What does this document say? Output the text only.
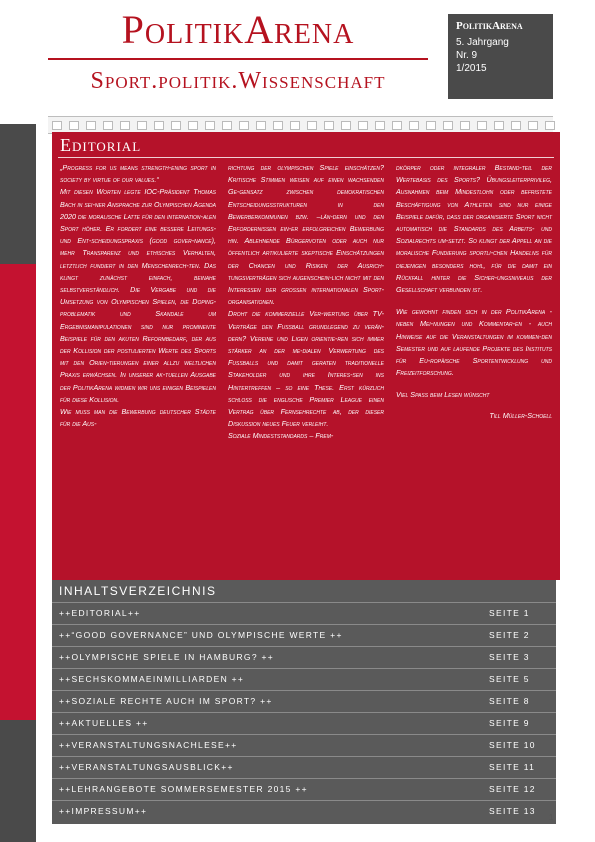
PolitikArena
Sport.politik.Wissenschaft
PolitikArena
5. Jahrgang
Nr. 9
1/2015
Editorial

„Progress for us means strength-ening sport in society by virtue of our values.“

Mit diesen Worten legte IOC-Präsident Thomas Bach in sei-ner Ansprache zur Olympischen Agenda 2020 die moralische Latte für den internation-alen Sport höher. Er fordert eine bessere Leitungs- und Ent-scheidungspraxis (good gover-nance), mehr Transparenz und ethisches Verhalten, letztlich fundiert in den Menschenrech-ten. Das klingt zunächst einfach, beinahe selbstverständlich. Die Vergabe und die Umsetzung von Olympischen Spielen, die Doping-problematik und Skandale um Ergebnismanipulationen sind nur prominente Beispiele für den akuten Reformbedarf, der aus der Kollision der postulierten Werte des Sports mit den Orien-tierungen einer allzu weltlichen Praxis erwächsen. In unserer ak-tuellen Ausgabe der PolitikArena widmen wir uns einigen Beispielen für diese Kollision.

Wie muss man die Bewerbung deutscher Städte für die Aus-

richtung der olympischen Spiele einschätzen? Kritische Stimmen weisen auf einen wachsenden Ge-gensatz zwischen demokratischen Entscheidungsstrukturen in den Bewerberkommunen bzw. –län-dern und den Erfordernissen ein-er erfolgreichen Bewerbung hin. Ablehnende Bürgervoten oder auch nur öffentlich artikulierte skeptische Einschätzungen der Chancen und Risiken der Ausrich-tungsverträgen sich augenschein-lich nicht mit den Interessen der grossen internationalen Sport-organisationen.

Droht die kommerzielle Ver-wertung über TV-Verträge den Fussball grundlegend zu verän-dern? Vereine und Ligen orientie-ren sich immer stärker an der me-dialen Verwertung des Fussballs und damit geraten traditionelle Stakeholder und ihre Interes-sen ins Hintertreffen – so eine These. Erst kürzlich schloss die englische Premier League einen Vertrag über Fernsehrechte ab, der dieser Diskussion neues Feuer verleiht.

Soziale Mindeststandards – Frem-

dkörper oder integraler Bestand-teil der Wertebasis des Sports? Übungsleiterprivileg, Ausnahmen beim Mindestlohn oder befristete Beschäftigung von Athleten sind nur einige Beispiele dafür, dass der organisierte Sport nicht automatisch die Standards des Arbeits- und Sozialrechts um-setzt. So klingt der Appell an die moralische Fundierung sportli-chen Handelns für diejenigen besonders hohl, für die damit ein Rückfall hinter die Sicher-ungsniveaus der Gesellschaft verbunden ist.

Wie gewohnt finden sich in der PolitikArena - neben Mei-nungen und Kommentar-en - auch Hinweise auf die Veranstaltungen im kommen-den Semester und auf laufende Projekte des Instituts für Eu-ropäische Sportentwicklung und Freizeitforschung.

Viel Spass beim Lesen wünscht

Till Müller-Schoell

INHALTSVERZEICHNIS
++EDITORIAL++	SEITE 1
++“GOOD GOVERNANCE” UND OLYMPISCHE WERTE ++	SEITE 2
++OLYMPISCHE SPIELE IN HAMBURG? ++	SEITE 3
++SECHSKOMMAEINMILLIARDEN ++	SEITE 5
++SOZIALE RECHTE AUCH IM SPORT? ++	SEITE 8
++AKTUELLES ++	SEITE 9
++VERANSTALTUNGSNACHLESE++	SEITE 10
++VERANSTALTUNGSAUSBLICK++	SEITE 11
++LEHRANGEBOTE SOMMERSEMESTER 2015 ++	SEITE 12
++IMPRESSUM++	SEITE 13
1
